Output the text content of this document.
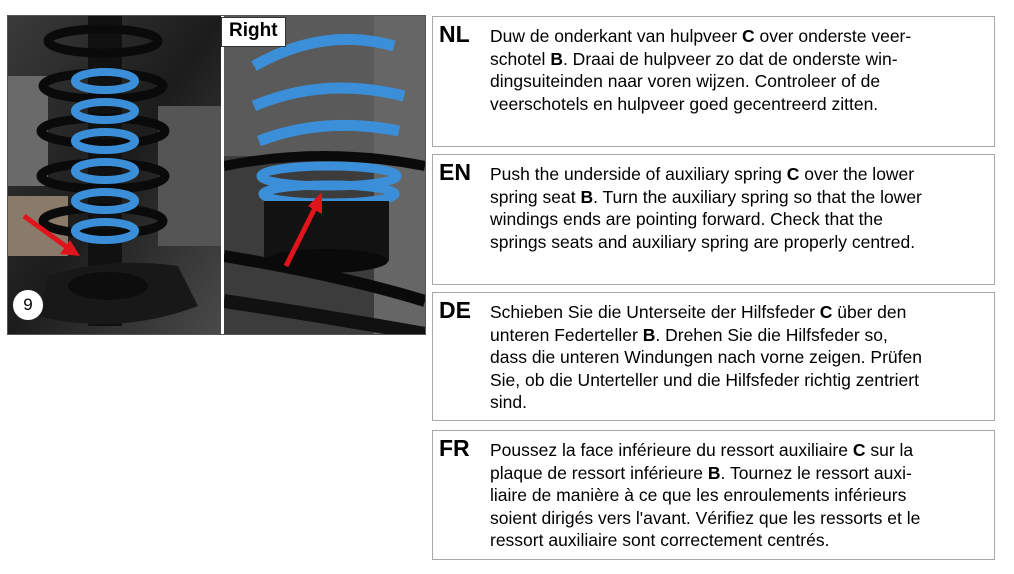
Right
9
NL Duw de onderkant van hulpveer C over onderste veer-
schotel B. Draai de hulpveer zo dat de onderste win-
dingsuiteinden naar voren wijzen. Controleer of de
veerschotels en hulpveer goed gecentreerd zitten.
EN Push the underside of auxiliary spring C over the lower
spring seat B. Turn the auxiliary spring so that the lower
windings ends are pointing forward. Check that the
springs seats and auxiliary spring are properly centred.
DE Schieben Sie die Unterseite der Hilfsfeder C über den
unteren Federteller B. Drehen Sie die Hilfsfeder so,
dass die unteren Windungen nach vorne zeigen. Prüfen
Sie, ob die Unterteller und die Hilfsfeder richtig zentriert
sind.
FR Poussez la face inférieure du ressort auxiliaire C sur la
plaque de ressort inférieure B. Tournez le ressort auxi-
liaire de manière à ce que les enroulements inférieurs
soient dirigés vers l'avant. Vérifiez que les ressorts et le
ressort auxiliaire sont correctement centrés.
